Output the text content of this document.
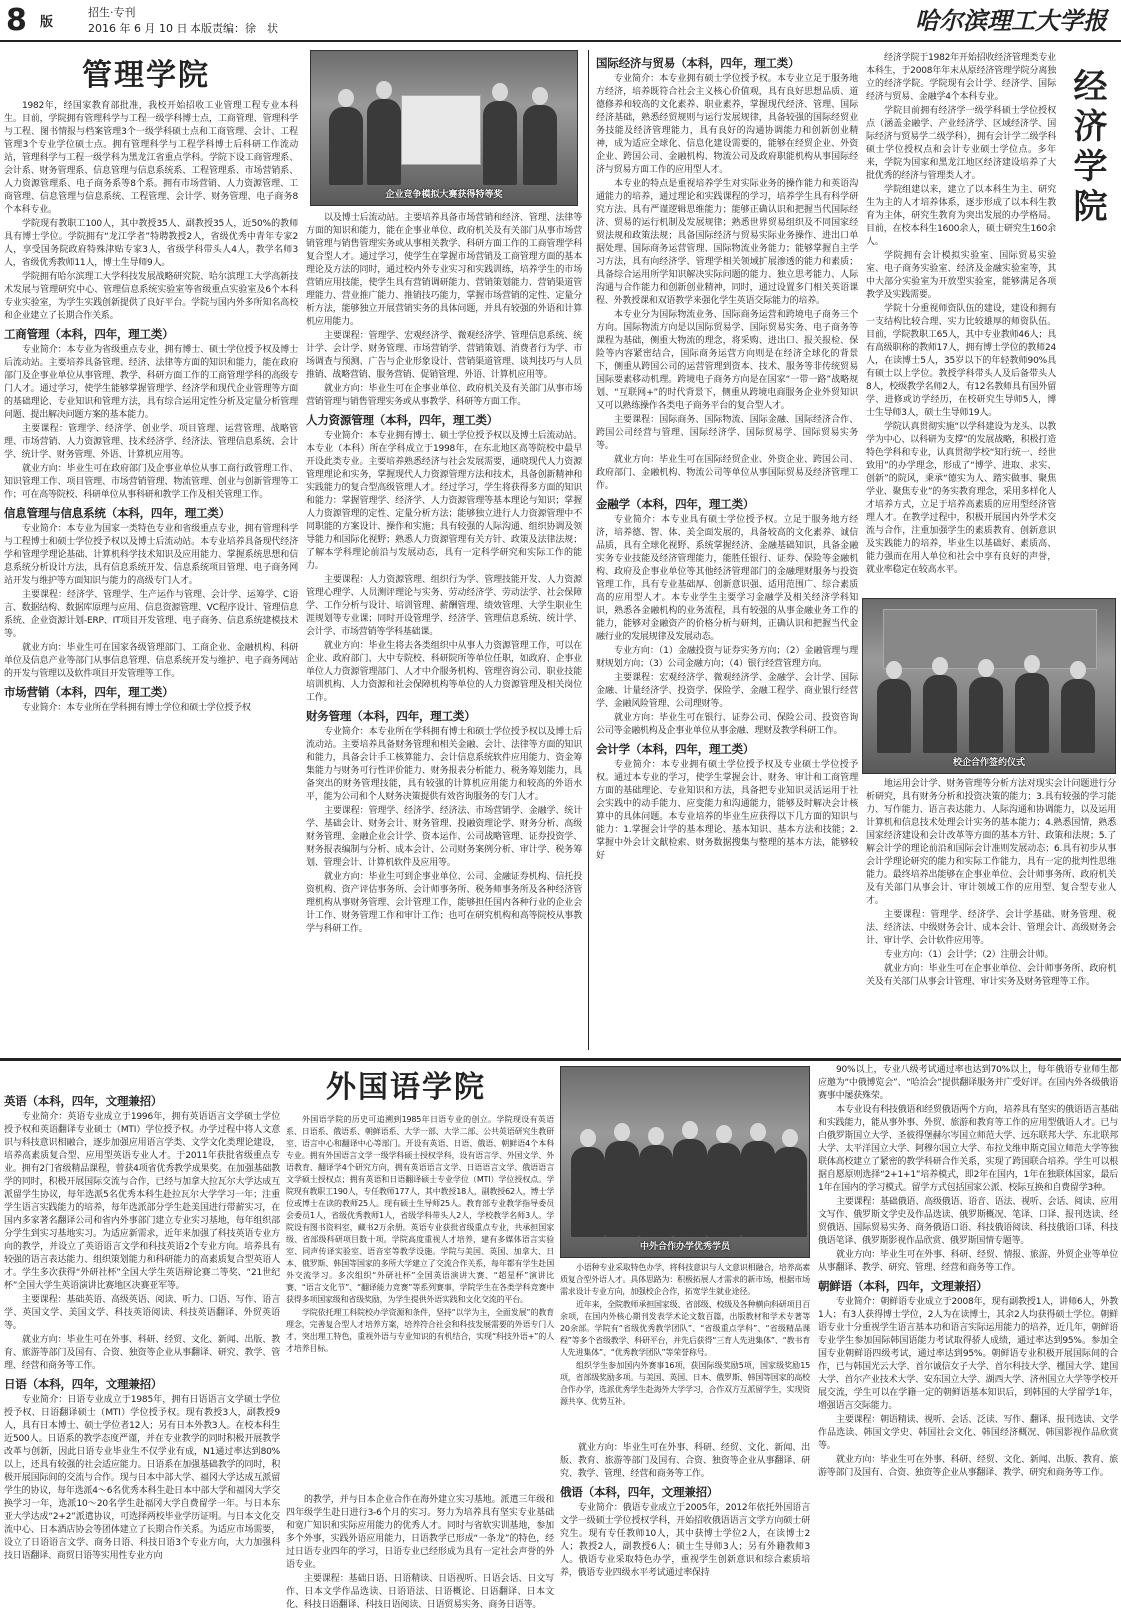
8 版
招生·专刊
2016 年 6 月 10 日 本版责编：徐　状	哈尔滨理工大学报
管理学院
企业竞争模拟大赛获得特等奖

1982年，经国家教育部批准，我校开始招收工业管理工程专业本科生。目前，学院拥有管理科学与工程一级学科博士点，工商管理、管理科学与工程、图书情报与档案管理3个一级学科硕士点和工商管理、会计、工程管理3个专业学位硕士点。拥有管理科学与工程学科博士后科研工作流动站，管理科学与工程一级学科为黑龙江省重点学科。学院下设工商管理系、会计系、财务管理系、信息管理与信息系统系、工程管理系、市场营销系、人力资源管理系、电子商务系等8个系。拥有市场营销、人力资源管理、工商管理、信息管理与信息系统、工程管理、会计学、财务管理、电子商务8个本科专业。

学院现有教职工100人，其中教授35人、副教授35人，近50%的教师具有博士学位。学院拥有“龙江学者”特聘教授2人，省级优秀中青年专家2人，享受国务院政府特殊津贴专家3人，省级学科带头人4人，教学名师3人，省级优秀教师11人，博士生导师9人。

学院拥有哈尔滨理工大学科技发展战略研究院、哈尔滨理工大学高新技术发展与管理研究中心、管理信息系统实验室等省级重点实验室及6个本科专业实验室，为学生实践创新提供了良好平台。学院与国内外多所知名高校和企业建立了长期合作关系。

工商管理（本科，四年，理工类）

专业简介：本专业为省级重点专业，拥有博士、硕士学位授予权及博士后流动站。主要培养具备管理、经济、法律等方面的知识和能力，能在政府部门及企事业单位从事管理、教学、科研方面工作的工商管理学科的高级专门人才。通过学习，使学生能够掌握管理学、经济学和现代企业管理等方面的基础理论、专业知识和管理方法，具有综合运用定性分析及定量分析管理问题、提出解决问题方案的基本能力。

主要课程：管理学、经济学、创业学、项目管理、运营管理、战略管理、市场营销、人力资源管理、技术经济学、经济法、管理信息系统、会计学、统计学、财务管理、外语、计算机应用等。

就业方向：毕业生可在政府部门及企事业单位从事工商行政管理工作、知识管理工作、项目管理、市场营销管理、物流管理、创业与创新管理等工作；可在高等院校、科研单位从事科研和教学工作及相关管理工作。

信息管理与信息系统（本科，四年，理工类）

专业简介：本专业为国家一类特色专业和省级重点专业，拥有管理科学与工程博士和硕士学位授予权以及博士后流动站。本专业培养具备现代经济学和管理学理论基础、计算机科学技术知识及应用能力、掌握系统思想和信息系统分析设计方法，具有信息系统开发、信息系统项目管理、电子商务网站开发与维护等方面知识与能力的高级专门人才。

主要课程：经济学、管理学、生产运作与管理、会计学、运筹学、C语言、数据结构、数据库原理与应用、信息资源管理、VC程序设计、管理信息系统、企业资源计划-ERP、IT项目开发管理、电子商务、信息系统建模技术等。

就业方向：毕业生可在国家各级管理部门、工商企业、金融机构、科研单位及信息产业等部门从事信息管理、信息系统开发与维护、电子商务网站的开发与管理以及软件项目开发管理等工作。

市场营销（本科，四年，理工类）

专业简介：本专业所在学科拥有博士学位和硕士学位授予权

以及博士后流动站。主要培养具备市场营销和经济、管理、法律等方面的知识和能力，能在企事业单位、政府机关及有关部门从事市场营销管理与销售管理实务或从事相关教学、科研方面工作的工商管理学科复合型人才。通过学习，使学生在掌握市场营销及工商管理方面的基本理论及方法的同时，通过校内外专业实习和实践训练，培养学生的市场营销应用技能，使学生具有营销调研能力、营销策划能力、营销渠道管理能力、营业推广能力、推销技巧能力，掌握市场营销的定性、定量分析方法，能够独立开展营销实务的具体问题，并具有较强的外语和计算机应用能力。

主要课程：管理学、宏观经济学、微观经济学、管理信息系统、统计学、会计学、财务管理、市场营销学、营销策划、消费者行为学、市场调查与预测、广告与企业形象设计、营销渠道管理、谈判技巧与人员推销、战略营销、服务营销、促销管理、外语、计算机应用等。

就业方向：毕业生可在企事业单位、政府机关及有关部门从事市场营销管理与销售管理实务或从事教学、科研等方面工作。

人力资源管理（本科，四年，理工类）

专业简介：本专业拥有博士、硕士学位授予权以及博士后流动站。本专业（本科）所在学科成立于1998年，在东北地区高等院校中最早开设此类专业。主要培养熟悉经济与社会发展需要，通晓现代人力资源管理理论和实务，掌握现代人力资源管理方法和技术，具备创新精神和实践能力的复合型高级管理人才。经过学习，学生将获得多方面的知识和能力：掌握管理学、经济学、人力资源管理等基本理论与知识；掌握人力资源管理的定性、定量分析方法；能够独立进行人力资源管理中不同职能的方案设计、操作和实施；具有较强的人际沟通、组织协调及领导能力和国际化视野；熟悉人力资源管理有关方针、政策及法律法规；了解本学科理论前沿与发展动态，具有一定科学研究和实际工作的能力。

主要课程：人力资源管理、组织行为学、管理技能开发、人力资源管理心理学、人员测评理论与实务、劳动经济学、劳动法学、社会保障学、工作分析与设计、培训管理、薪酬管理、绩效管理、大学生职业生涯规划等专业课；同时开设管理学、经济学、管理信息系统、统计学、会计学、市场营销等学科基础课。

就业方向：毕业生将去各类组织中从事人力资源管理工作，可以在企业、政府部门、大中专院校、科研院所等单位任职，如政府、企事业单位人力资源管理部门、人才中介服务机构、管理咨询公司、职业技能培训机构、人力资源和社会保障机构等单位的人力资源管理及相关岗位工作。

财务管理（本科，四年，理工类）

专业简介：本专业所在学科拥有博士和硕士学位授予权以及博士后流动站。主要培养具备财务管理和相关金融、会计、法律等方面的知识和能力，具备会计手工核算能力、会计信息系统软件应用能力、资金筹集能力与财务可行性评价能力、财务报表分析能力、税务筹划能力，具备突出的财务管理技能，具有较强的计算机应用能力和较高的外语水平，能为公司和个人财务决策提供有效咨询服务的专门人才。

主要课程：管理学、经济学、经济法、市场营销学、金融学、统计学、基础会计、财务会计、财务管理、投融资理论学、财务分析、高级财务管理、金融企业会计学、资本运作、公司战略管理、证券投资学、财务报表编制与分析、成本会计、公司财务案例分析、审计学、税务筹划、管理会计、计算机软件及应用等。

就业方向：毕业生可到企事业单位、公司、金融证券机构、信托投资机构、资产评估事务所、会计师事务所、税务师事务所及各种经济管理机构从事财务管理、会计管理工作，能够担任国内各种行业的企业会计工作、财务管理工作和审计工作；也可在研究机构和高等院校从事教学与科研工作。

国际经济与贸易（本科，四年，理工类）

专业简介：本专业拥有硕士学位授予权。本专业立足于服务地方经济，培养既符合社会主义核心价值观，具有良好思想品质、道德修养和较高的文化素养、职业素养，掌握现代经济、管理、国际经济基础，熟悉经贸规则与运行发展规律，具备较强的国际经贸业务技能及经济管理能力，具有良好的沟通协调能力和创新创业精神，成为适应全球化、信息化建设需要的，能够在经贸企业、外资企业、跨国公司、金融机构、物流公司及政府职能机构从事国际经济与贸易方面工作的应用型人才。

本专业的特点是重视培养学生对实际业务的操作能力和英语沟通能力的培养，通过理论和实践课程的学习，培养学生具有科学研究方法、具有严谨逻辑思维能力；能够正确认识和把握当代国际经济、贸易的运行机制及发展规律；熟悉世界贸易组织及不同国家经贸法规和政策法规；具备国际经济与贸易实际业务操作、进出口单据处理、国际商务运营管理、国际物流业务能力；能够掌握自主学习方法，具有向经济学、管理学相关领域扩展渗透的能力和素质；具备综合运用所学知识解决实际问题的能力、独立思考能力、人际沟通与合作能力和创新创业精神，同时，通过设置多门相关英语课程、外教授课和双语教学来强化学生英语交际能力的培养。

本专业分为国际物流业务、国际商务运营和跨境电子商务三个方向。国际物流方向是以国际贸易学、国际贸易实务、电子商务等课程为基础，侧重大物流的理念，将采购、进出口、报关报检、保险等内容紧密结合，国际商务运营方向则是在经济全球化的背景下，侧重从跨国公司的运营管理到资本、技术、服务等非传统贸易国际要素移动机理。跨境电子商务方向是在国家“一带一路”战略规划、“互联网+”的时代背景下，侧重从跨境电商服务企业外贸知识又可以熟练操作各类电子商务平台的复合型人才。

主要课程：国际商务、国际物流、国际金融、国际经济合作、跨国公司经营与管理、国际经济学、国际贸易学、国际贸易实务等。

就业方向：毕业生可在国际经贸企业、外资企业、跨国公司、政府部门、金融机构、物流公司等单位从事国际贸易及经济管理工作。

金融学（本科，四年，理工类）

专业简介：本专业具有硕士学位授予权。立足于服务地方经济，培养德、智、体、美全面发展的，具备较高的文化素养、诚信品质，具有全球化视野、系统掌握经济、金融基础知识，具备金融实务专业技能及经济管理能力，能胜任银行、证券、保险等金融机构、政府及企事业单位等其他经济管理部门的金融理财服务与投资管理工作，具有专业基础厚、创新意识强、适用范围广、综合素质高的应用型人才。本专业学生主要学习金融学及相关经济学科知识，熟悉各金融机构的业务流程，具有较强的从事金融业务工作的能力，能够对金融资产的价格分析与研判，正确认识和把握当代金融行业的发展规律及发展动态。

专业方向：（1）金融投资与证券实务方向；（2）金融管理与理财规划方向；（3）公司金融方向；（4）银行经营管理方向。

主要课程：宏观经济学、微观经济学、金融学、会计学、国际金融、计量经济学、投资学、保险学、金融工程学、商业银行经营学、金融风险管理、公司理财等。

就业方向：毕业生可在银行、证券公司、保险公司、投资咨询公司等金融机构及企事业单位从事金融、理财及教学科研工作。

会计学（本科，四年，理工类）

专业简介：本专业拥有硕士学位授予权及专业硕士学位授予权。通过本专业的学习，使学生掌握会计、财务、审计和工商管理方面的基础理论、专业知识和方法，具备把专业知识灵活运用于社会实践中的动手能力、应变能力和沟通能力，能够及时解决会计核算中的具体问题。本专业培养的毕业生应获得以下几方面的知识与能力：1.掌握会计学的基本理论、基本知识、基本方法和技能；2.掌握中外会计文献检索、财务数据搜集与整理的基本方法，能够较好

地运用会计学、财务管理等分析方法对现实会计问题进行分析研究，具有财务分析和投资决策的能力；3.具有较强的学习能力、写作能力、语言表达能力、人际沟通和协调能力，以及运用计算机和信息技术处理会计实务的基本能力；4.熟悉国情，熟悉国家经济建设和会计改革等方面的基本方针、政策和法规；5.了解会计学的理论前沿和国际会计准则发展动态；6.具有初步从事会计学理论研究的能力和实际工作能力，具有一定的批判性思维能力。最终培养出能够在企事业单位、会计师事务所、政府机关及有关部门从事会计、审计领域工作的应用型、复合型专业人才。

主要课程：管理学、经济学、会计学基础、财务管理、税法、经济法、中级财务会计、成本会计、管理会计、高级财务会计、审计学、会计软件应用等。

专业方向：（1）会计学；（2）注册会计师。

就业方向：毕业生可在企事业单位、会计师事务所、政府机关及有关部门从事会计管理、审计实务及财务管理等工作。

经济学院于1982年开始招收经济管理类专业本科生，于2008年年末从原经济管理学院分离独立的经济学院。学院现有会计学、经济学、国际经济与贸易、金融学4个本科专业。

学院目前拥有经济学一级学科硕士学位授权点（涵盖金融学、产业经济学、区域经济学、国际经济与贸易学二级学科），拥有会计学二级学科硕士学位授权点和会计专业硕士学位点。多年来，学院为国家和黑龙江地区经济建设培养了大批优秀的经济与管理类人才。

学院组建以来，建立了以本科生为主、研究生为主的人才培养体系，逐步形成了以本科生教育为主体，研究生教育为突出发展的办学格局。目前，在校本科生1600余人，硕士研究生160余人。

学院拥有会计模拟实验室、国际贸易实验室、电子商务实验室、经济及金融实验室等，其中大部分实验室为开放型实验室，能够满足各项教学及实践需要。

学院十分重视师资队伍的建设，建设和拥有一支结构比较合理、实力比较雄厚的师资队伍。目前，学院教职工65人，其中专业教师46人；具有高级职称的教师17人，拥有博士学位的教师24人，在读博士5人，35岁以下的年轻教师90%具有硕士以上学位。教授学科带头人及后备带头人8人，校级教学名师2人，有12名教师具有国外留学、进修或访学经历，在校研究生导师5人，博士生导师3人，硕士生导师19人。

学院认真贯彻实施“以学科建设为龙头、以教学为中心、以科研为支撑”的发展战略，积极打造特色学科和专业，认真贯彻学校“知行统一、经世致用”的办学理念，形成了“博学、进取、求实、创新”的院风，秉承“德实为人、踏实做事、聚焦学业、聚焦专业”的务实教育理念，采用多样化人才培养方式，立足于培养高素质的应用型经济管理人才。在教学过程中，积极开展国内外学术交流与合作，注重加强学生的素质教育、创新意识及实践能力的培养，毕业生以基础好、素质高、能力强而在用人单位和社会中享有良好的声誉，就业率稳定在较高水平。

经济学院
校企合作签约仪式
英语（本科，四年，文理兼招）

专业简介：英语专业成立于1996年，拥有英语语言文学硕士学位授予权和英语翻译专业硕士（MTI）学位授予权。办学过程中将人文意识与科技意识相融合，逐步加强应用语言学类、文学文化类理论建设，培养高素质复合型、应用型英语专业人才。于2011年获批省级重点专业。拥有2门省级精品课程，曾获4项省优秀教学成果奖。在加强基础教学的同时，积极开展国际交流与合作，已经与加拿大拉瓦尔大学达成互派留学生协议，每年选派5名优秀本科生赴拉瓦尔大学学习一年；注重学生语言实践能力的培养，每年选派部分学生赴美国进行带薪实习，在国内多家著名翻译公司和省内外事部门建立专业实习基地，每年组织部分学生到实习基地实习。为适应新需求，近年来加强了科技英语专业方向的教学，并设立了英语语言文学和科技英语2个专业方向。培养具有较强的语言表达能力、组织策划能力和科研能力的高素质复合型英语人才。学生多次获得“外研社杯”全国大学生英语辩论赛二等奖、“21世纪杯”全国大学生英语演讲比赛地区决赛亚军等。

主要课程：基础英语、高级英语、阅读、听力、口语、写作、语言学、英国文学、美国文学、科技英语阅读、科技英语翻译、外贸英语等。

就业方向：毕业生可在外事、科研、经贸、文化、新闻、出版、教育、旅游等部门及国有、合资、独资等企业从事翻译、研究、教学、管理、经营和商务等工作。

日语（本科，四年，文理兼招）

专业简介：日语专业成立于1985年，拥有日语语言文学硕士学位授予权、日语翻译硕士（MTI）学位授予权。现有教授3人，副教授9人，具有日本博士、硕士学位者12人；另有日本外教3人。在校本科生近500人。日语系的教学态度严谨，并在专业教学的同时积极开展教学改革与创新，因此日语专业毕业生不仅学业有成，N1通过率达到80%以上，还具有较强的社会适应能力。日语系在加强基础教学的同时，积极开展国际间的交流与合作。现与日本中部大学、福冈大学达成互派留学生的协议，每年选派4～6名优秀本科生赴日本中部大学和福冈大学交换学习一年，选派10～20名学生赴福冈大学自费留学一年。与日本东亚大学达成“2+2”派遣协议，可选择两校毕业学历证明。与日本文化交流中心、日本酒店协会等团体建立了长期合作关系。为适应市场需要，设立了日语语言文学、商务日语、科技日语3个专业方向，大力加强科技日语翻译、商贸日语等实用性专业方向

外国语学院

外国语学院的历史可追溯到1985年日语专业的创立。学院现设有英语系、日语系、俄语系、朝鲜语系、大学一部、大学二部、公共英语研究生教研室、语言中心和翻译中心等部门。开设有英语、日语、俄语、朝鲜语4个本科专业。拥有外国语言文学一级学科硕士授权学科，设有语言学、外国文学、外语教育、翻译学4个研究方向，拥有英语语言文学、日语语言文学、俄语语言文学硕士授权点；拥有英语和日语翻译硕士专业学位（MTI）学位授权点。学院现有教职工190人，专任教师177人，其中教授18人，副教授62人，博士学位或博士在读的教师25人。现有硕士生导师25人。教育部专业教学指导委员会委员1人，省级优秀教师1人，省级学科带头人2人，学校教学名师3人。学院设有图书资料室，藏书2万余册。英语专业获批省级重点专业，共承担国家级、省部级科研项目数十项。学院高度重视人才培养，建有多媒体语言实验室、同声传译实验室、语音室等教学设施。学院与美国、英国、加拿大、日本、俄罗斯、韩国等国家的多所大学建立了交流合作关系，每年都有学生赴国外交流学习。多次组织“外研社杯”全国英语演讲大赛、“超星杯”演讲比赛、“语言文化节”、“翻译能力竞赛”等系列赛事，学院学生在各类学科竞赛中获得多项国家级和省级奖励，为学生提供外语实践和文化交流的平台。

学院依托理工科院校办学资源和条件，坚持“以学为主，全面发展”的教育理念，完善复合型人才培养方案，培养符合社会和科技发展需要的外语专门人才，突出理工特色，重视外语与专业知识的有机结合，实现“科技外语+”的人才培养目标。

的教学，并与日本企业合作在海外建立实习基地。派遣三年级和四年级学生赴日进行3-6个月的实习。努力为培养具有坚实专业基础和宽广知识和实际应用能力的优秀人才。同时与省软实训基地，参加多个外事，实践外语应用能力，日语教学已形成“一条龙”的特色，经过日语专业四年的学习，日语专业已经形成为具有一定社会声誉的外语专业。

主要课程：基础日语、日语精读、日语视听、日语会话、日文写作、日本文学作品选读、日语语法、日语概论、日语翻译、日本文化、科技日语翻译、科技日语阅读、日语贸易实务、商务日语等。

中外合作办学优秀学员

小语种专业采取特色办学，将科技意识与人文意识相融合，培养高素质复合型外语人才。具体思路为：积极拓展人才需求的新市场，根据市场需求设计专业方向，加强校企合作，拓宽学生就业途径。

近年来，全院教师承担国家级、省部级、校级及各种横向科研项目百余项，在国内外核心期刊发表学术论文数百篇，出版教材和学术专著等20余部。学院有“省级优秀教学团队”、“省级重点学科”、“省级精品课程”等多个省级教学、科研平台，并先后获得“三育人先进集体”、“教书育人先进集体”、“优秀教学团队”等荣誉称号。

组织学生参加国内外赛事16项，获国际级奖励5项，国家级奖励15项，省部级奖励多项。与美国、英国、日本、俄罗斯、韩国等国家的高校合作办学，选派优秀学生赴海外大学学习，合作双方互派留学生，实现资源共享、优势互补。

就业方向：毕业生可在外事、科研、经贸、文化、新闻、出版、教育、旅游等部门及国有、合资、独资等企业从事翻译、研究、教学、管理、经营和商务等工作。

俄语（本科，四年，文理兼招）

专业简介：俄语专业成立于2005年，2012年依托外国语言文学一级硕士学位授权学科，开始招收俄语语言文学方向硕士研究生。现有专任教师10人，其中获博士学位2人，在读博士2人；教授2人，副教授6人；硕士生导师3人；另有外籍教师3人。俄语专业采取特色办学，重视学生创新意识和综合素质培养，俄语专业四级水平考试通过率保持

90%以上，专业八级考试通过率也达到70%以上，每年俄语专业师生都应邀为“中俄博览会”、“哈洽会”提供翻译服务并广受好评。在国内外各级俄语赛事中屡获殊荣。

本专业设有科技俄语和经贸俄语两个方向，培养具有坚实的俄语语言基础和实践能力，能从事外事、外贸、旅游和教育等工作的应用型俄语人才。已与白俄罗斯国立大学、圣彼得堡赫尔岑国立师范大学、远东联邦大学、东北联邦大学、太平洋国立大学、阿穆尔国立大学、布拉戈维申斯克国立师范大学等独联体高校建立了紧密的教学科研合作关系，实现了跨国联合培养。学生可以根据自愿原则选择“2+1+1”培养模式，即2年在国内，1年在独联体国家，最后1年在国内的学习模式。留学方式包括国家公派、校际互换和自费留学3种。

主要课程：基础俄语、高级俄语、语音、语法、视听、会话、阅读、应用文写作、俄罗斯文学史及作品选读、俄罗斯概况、笔译、口译、报刊选读、经贸俄语、国际贸易实务、商务俄语口语、科技俄语阅读、科技俄语口译、科技俄语笔译、俄罗斯影视作品欣赏、俄罗斯国情专题等。

就业方向：毕业生可在外事、科研、经贸、情报、旅游、外贸企业等单位从事翻译、教学、研究、管理、经营和商务等工作。

朝鲜语（本科，四年，文理兼招）

专业简介：朝鲜语专业成立于2008年，现有副教授1人，讲师6人，外教1人；有3人获得博士学位，2人为在读博士，其余2人均获得硕士学位。朝鲜语专业十分重视学生语言基本功和语言实际运用能力的培养，近几年，朝鲜语专业学生参加国际韩国语能力考试取得骄人成绩，通过率达到95%。参加全国专业朝鲜语四级考试，通过率达到95%。朝鲜语专业积极开展国际间的合作，已与韩国光云大学、首尔诚信女子大学、首尔科技大学、槿国大学、建国大学、首尔产业技术大学、安东国立大学、湖西大学、济州国立大学等学校开展交流，学生可以在学籍一定的朝鲜语基本知识后，到韩国的大学留学1年，增强语言交际能力。

主要课程：朝语精读、视听、会话、泛读、写作、翻译、报刊选读、文学作品选读、韩国文学史、韩国社会文化、韩国经济概况、韩国影视作品欣赏等。

就业方向：毕业生可在外事、科研、经贸、文化、新闻、出版、教育、旅游等部门及国有、合资、独资等企业从事翻译、教学、研究和商务等工作。
